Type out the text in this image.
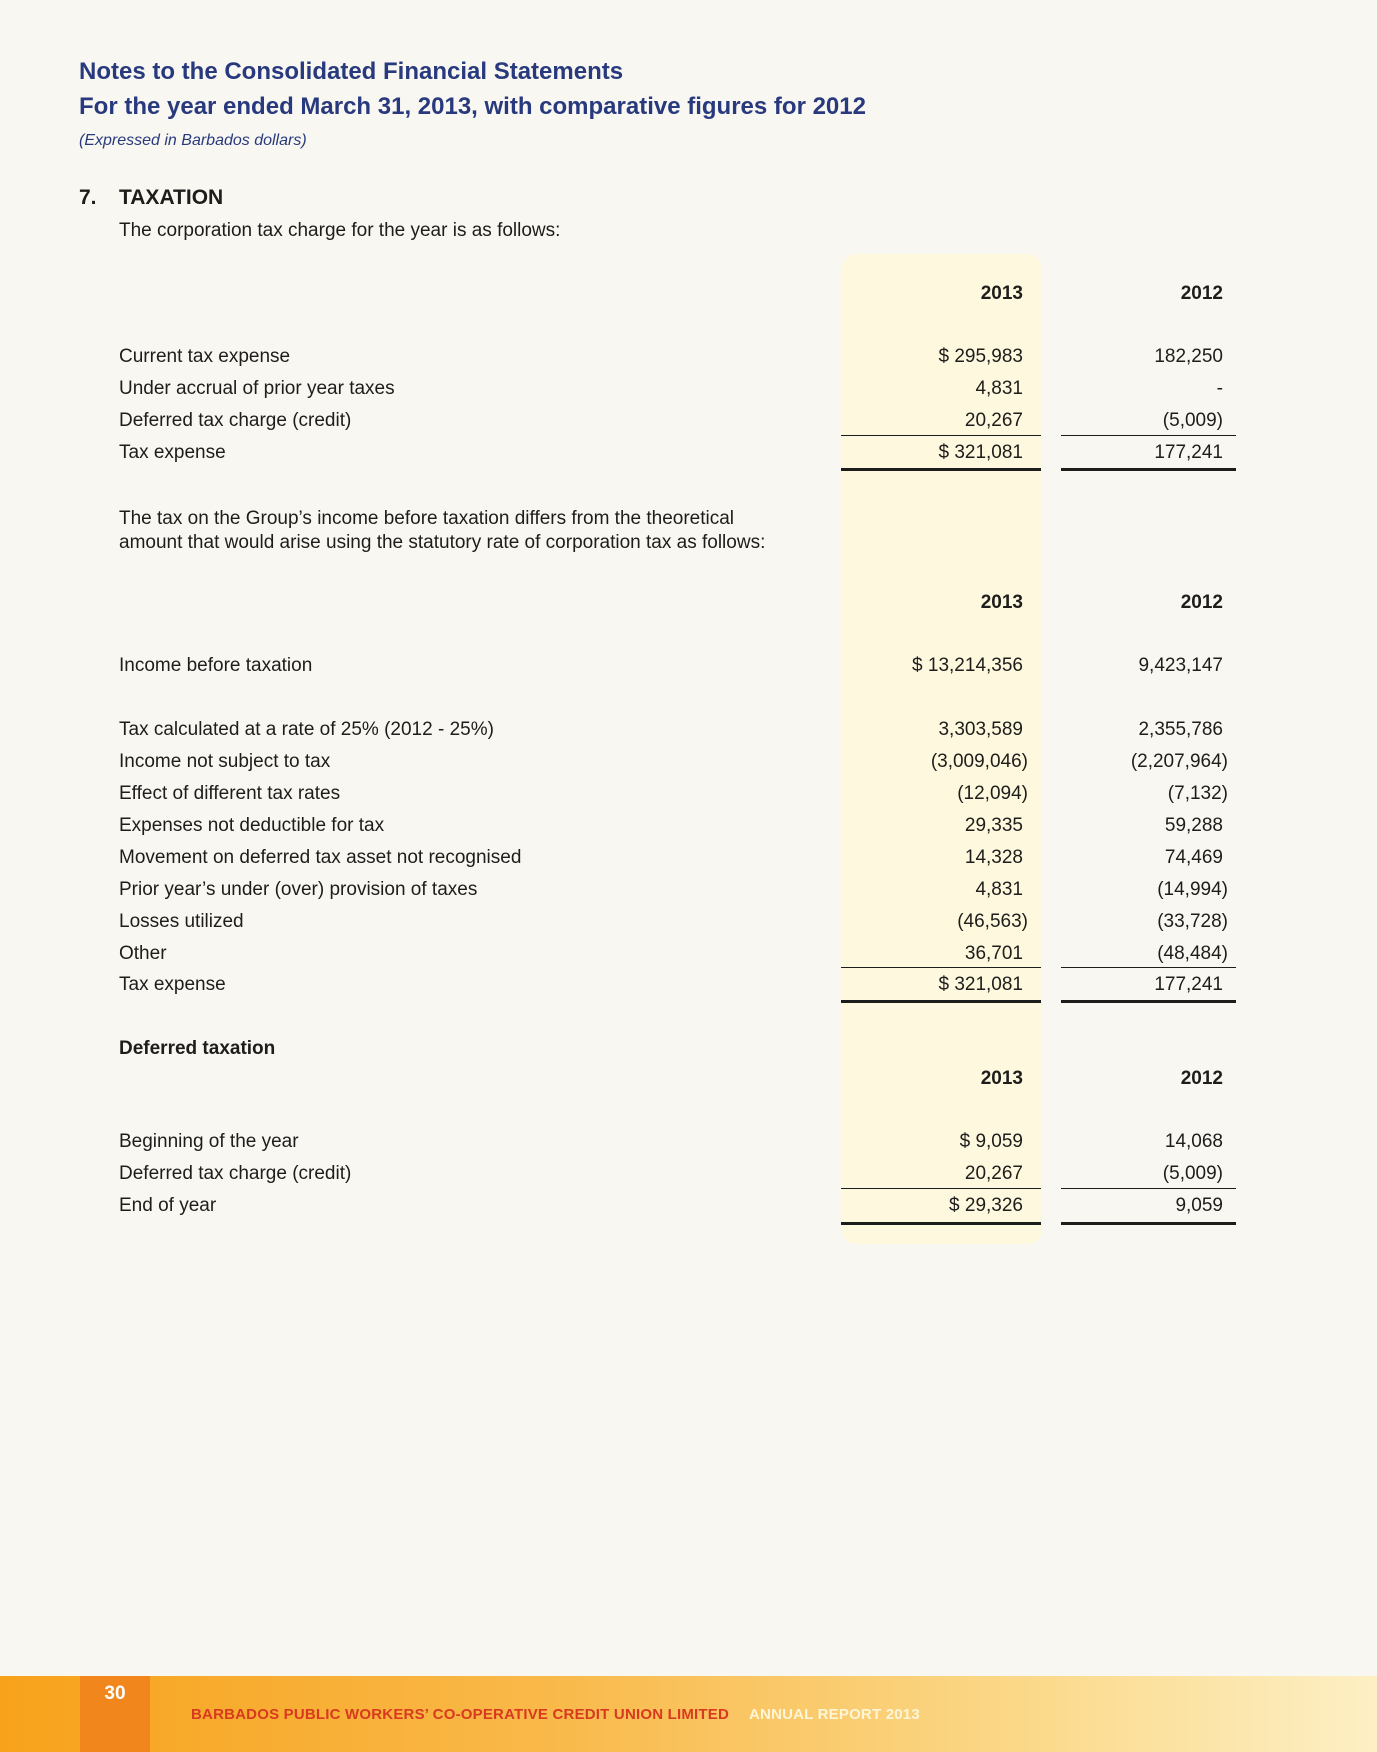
Notes to the Consolidated Financial Statements
For the year ended March 31, 2013, with comparative figures for 2012
(Expressed in Barbados dollars)
7. TAXATION
The corporation tax charge for the year is as follows:
2013	2012
Current tax expense	$ 295,983	182,250
Under accrual of prior year taxes	4,831	-
Deferred tax charge (credit)	20,267	(5,009)
Tax expense	$ 321,081	177,241
The tax on the Group’s income before taxation differs from the theoretical
amount that would arise using the statutory rate of corporation tax as follows:
2013	2012
Income before taxation	$ 13,214,356	9,423,147
Tax calculated at a rate of 25% (2012 - 25%)	3,303,589	2,355,786
Income not subject to tax	(3,009,046)	(2,207,964)
Effect of different tax rates	(12,094)	(7,132)
Expenses not deductible for tax	29,335	59,288
Movement on deferred tax asset not recognised	14,328	74,469
Prior year’s under (over) provision of taxes	4,831	(14,994)
Losses utilized	(46,563)	(33,728)
Other	36,701	(48,484)
Tax expense	$ 321,081	177,241
Deferred taxation
2013	2012
Beginning of the year	$ 9,059	14,068
Deferred tax charge (credit)	20,267	(5,009)
End of year	$ 29,326	9,059
30
BARBADOS PUBLIC WORKERS’ CO-OPERATIVE CREDIT UNION LIMITED ANNUAL REPORT 2013
